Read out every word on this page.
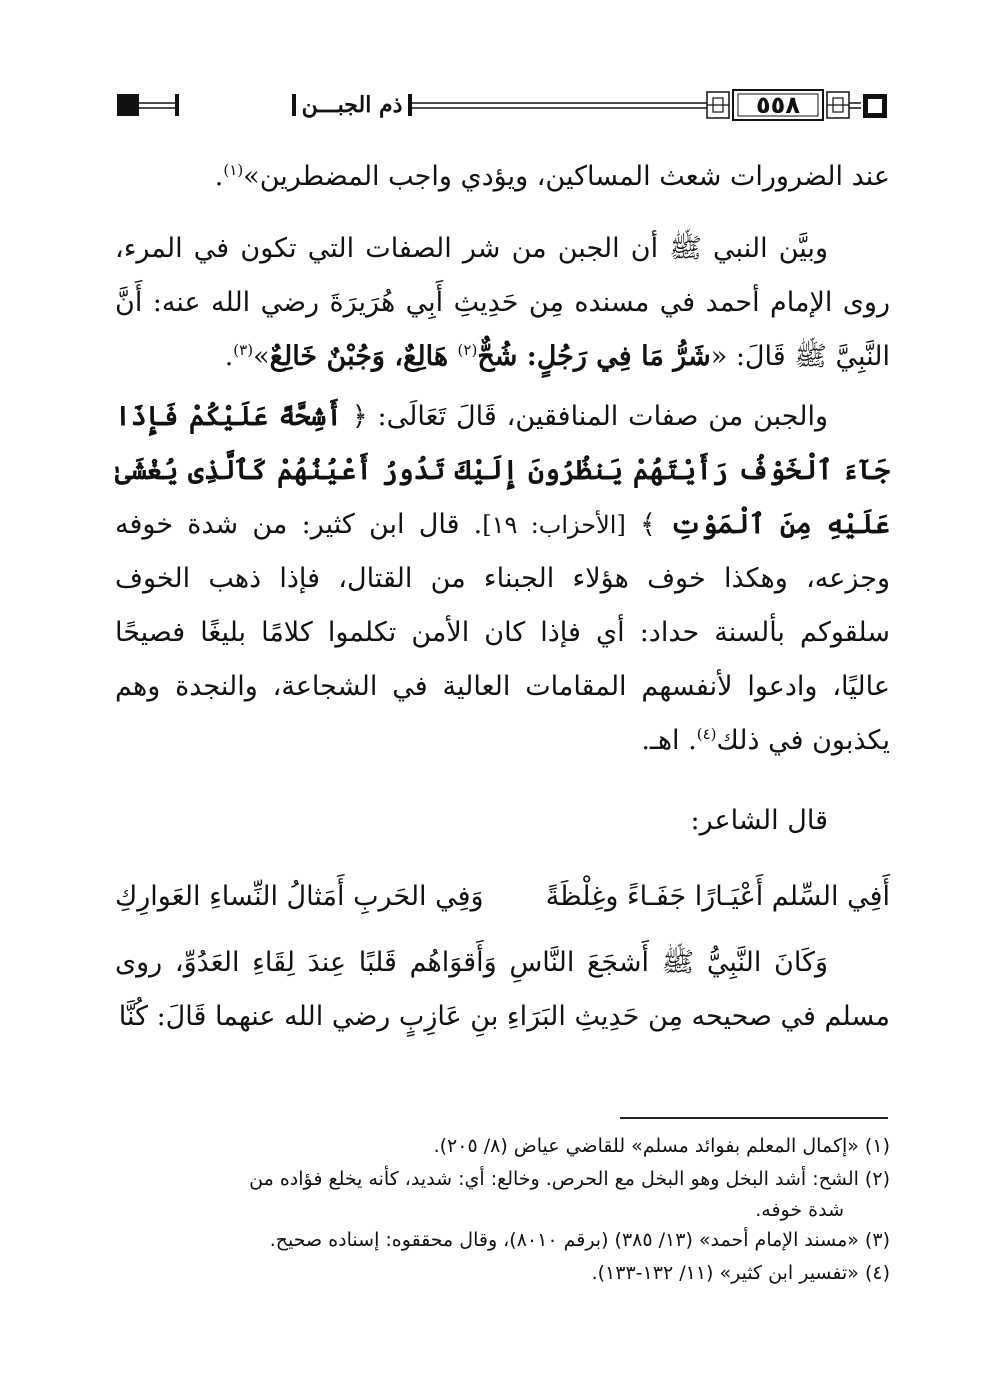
ذم الجبـــن	٥٥٨

عند الضرورات شعث المساكين، ويؤدي واجب المضطرين»$^{(١)}$.

وبيَّن النبي ﷺ أن الجبن من شر الصفات التي تكون في المرء، روى الإمام أحمد في مسنده مِن حَدِيثِ أَبِي هُرَيرَةَ رضي الله عنه: أَنَّ النَّبِيَّ ﷺ قَالَ: «شَرُّ مَا فِي رَجُلٍ: شُحٌّ$^{(٢)}$ هَالِعٌ، وَجُبْنٌ خَالِعٌ»$^{(٣)}$.

والجبن من صفات المنافقين، قَالَ تَعَالَى: ﴿ أَشِحَّةً عَلَيْكُمْ فَإِذَا جَآءَ ٱلْخَوْفُ رَأَيْتَهُمْ يَنظُرُونَ إِلَيْكَ تَدُورُ أَعْيُنُهُمْ كَٱلَّذِى يُغْشَىٰ عَلَيْهِ مِنَ ٱلْمَوْتِ ﴾ [الأحزاب: ١٩]. قال ابن كثير: من شدة خوفه وجزعه، وهكذا خوف هؤلاء الجبناء من القتال، فإذا ذهب الخوف سلقوكم بألسنة حداد: أي فإذا كان الأمن تكلموا كلامًا بليغًا فصيحًا عاليًا، وادعوا لأنفسهم المقامات العالية في الشجاعة، والنجدة وهم يكذبون في ذلك$^{(٤)}$. اهـ.

قال الشاعر:

أَفِي السِّلم أَعْيَـارًا جَفَـاءً وغِلْظَةً
وَفِي الحَربِ أَمَثالُ النِّساءِ العَوارِكِ

وَكَانَ النَّبِيُّ ﷺ أَشجَعَ النَّاسِ وَأَقوَاهُم قَلبًا عِندَ لِقَاءِ العَدُوِّ، روى مسلم في صحيحه مِن حَدِيثِ البَرَاءِ بنِ عَازِبٍ رضي الله عنهما قَالَ: كُنَّا

(١) «إكمال المعلم بفوائد مسلم» للقاضي عياض (٨/ ٢٠٥).

(٢) الشح: أشد البخل وهو البخل مع الحرص. وخالع: أي: شديد، كأنه يخلع فؤاده من

شدة خوفه.

(٣) «مسند الإمام أحمد» (١٣/ ٣٨٥) (برقم ٨٠١٠)، وقال محققوه: إسناده صحيح.

(٤) «تفسير ابن كثير» (١١/ ١٣٢-١٣٣).
